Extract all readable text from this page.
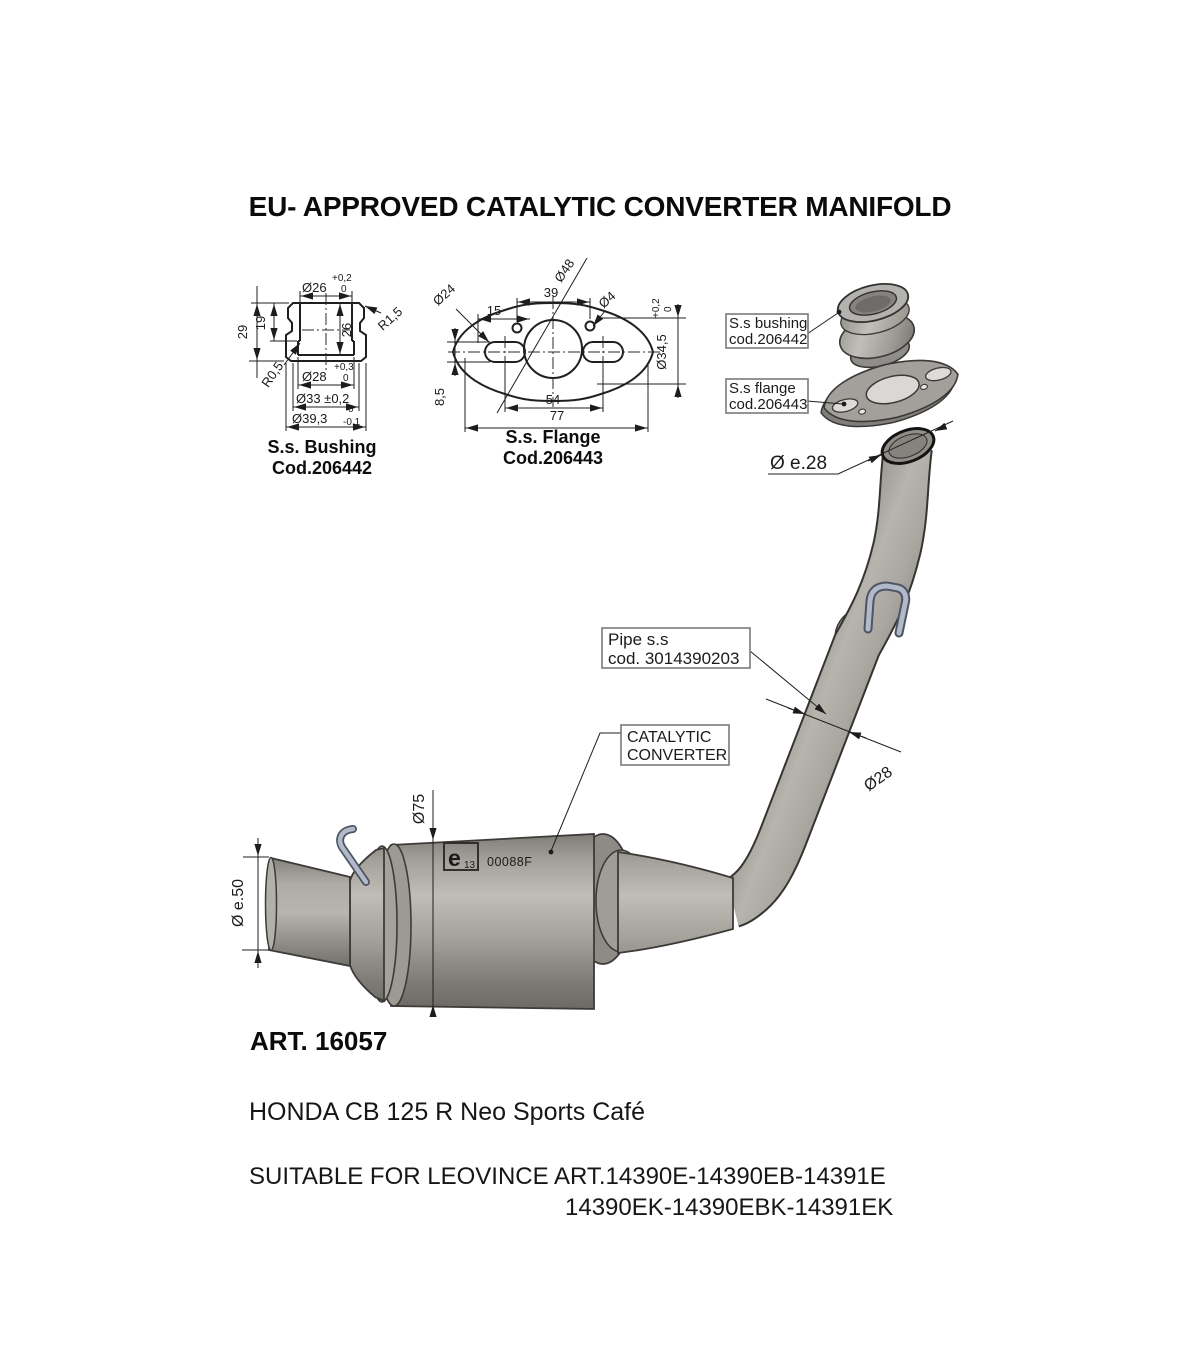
EU- APPROVED CATALYTIC CONVERTER MANIFOLD
Ø26
+0,2
0
29
19	26 R1,5
R0,5 Ø28
+0,3
0
Ø33 ±0,2
Ø39,3
0
-0,1
S.s. Bushing
Cod.206442
39
15
Ø24
Ø48
Ø4
Ø34,5
+0,2 0
8,5	54
77
S.s. Flange
Cod.206443
S.s bushing
cod.206442
S.s flange
cod.206443
e 13 00088F
Ø e.28
Ø28
Ø75
Ø e.50
Pipe s.s
cod. 3014390203
CATALYTIC
CONVERTER
ART. 16057
HONDA CB 125 R Neo Sports Café
SUITABLE FOR LEOVINCE ART.14390E-14390EB-14391E
14390EK-14390EBK-14391EK
